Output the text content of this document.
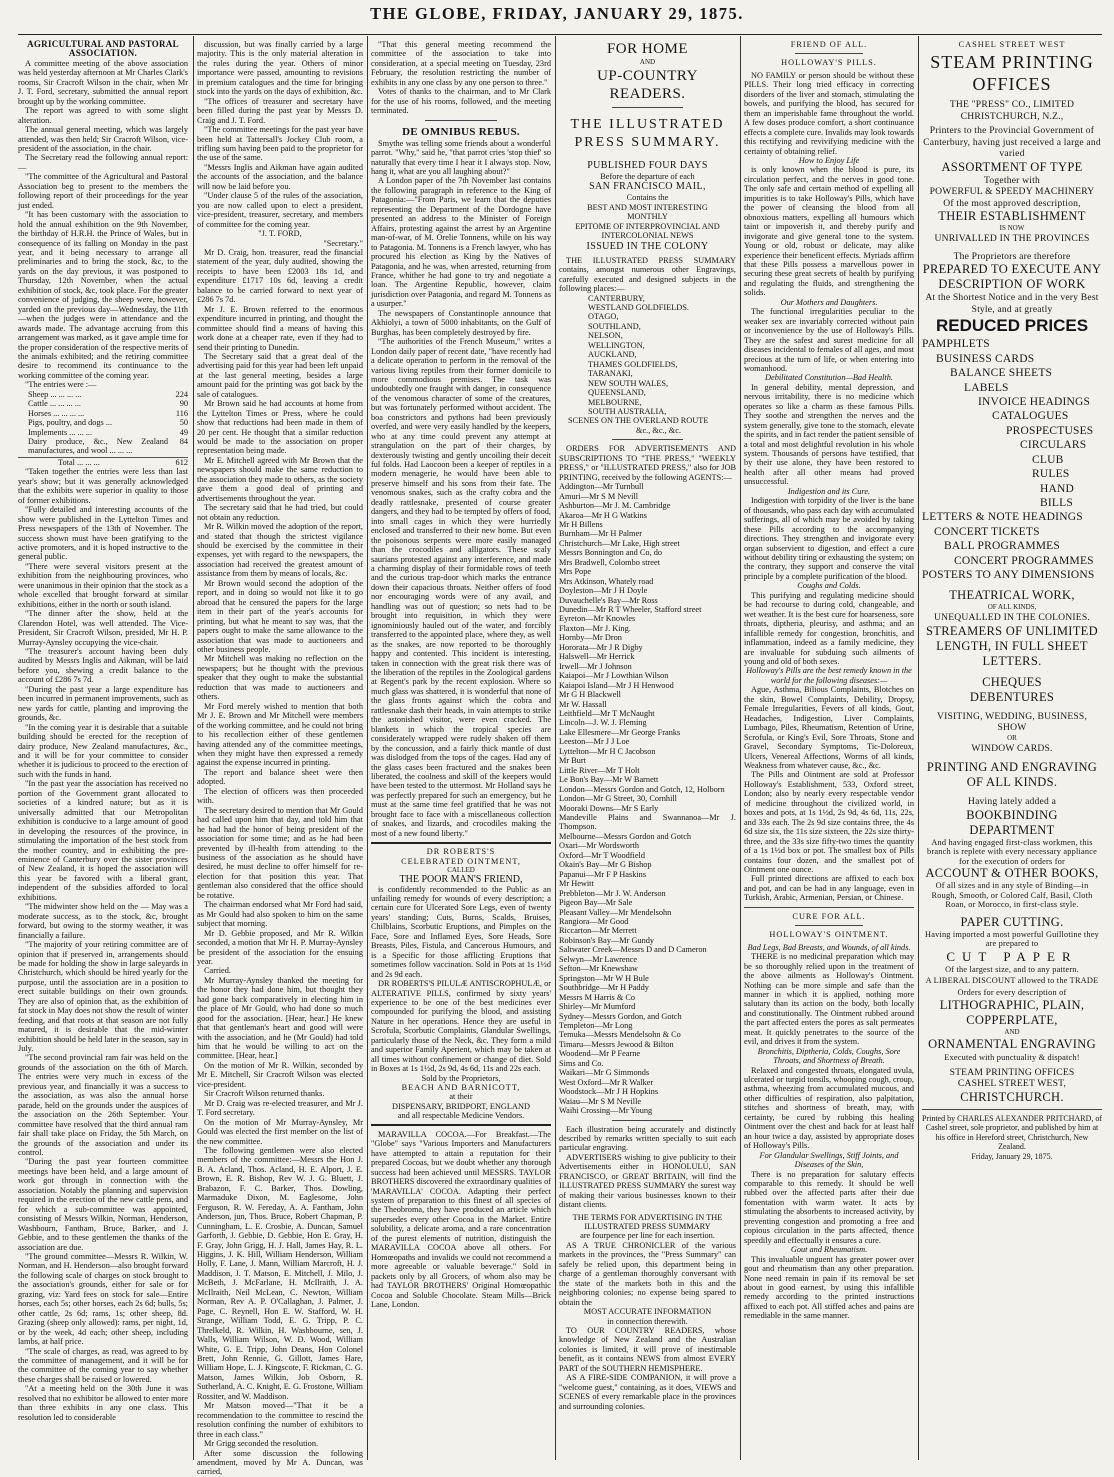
THE GLOBE, FRIDAY, JANUARY 29, 1875.

AGRICULTURAL AND PASTORAL ASSOCIATION.

A committee meeting of the above association was held yesterday afternoon at Mr Charles Clark's rooms, Sir Cracroft Wilson in the chair, when Mr J. T. Ford, secretary, submitted the annual report brought up by the working committee.

The report was agreed to with some slight alteration.

The annual general meeting, which was largely attended, was then held; Sir Cracroft Wilson, vice-president of the association, in the chair.

The Secretary read the following annual report:—

"The committee of the Agricultural and Pastoral Association beg to present to the members the following report of their proceedings for the year just ended.

"It has been customary with the association to hold the annual exhibition on the 9th November, the birthday of H.R.H. the Prince of Wales, but in consequence of its falling on Monday in the past year, and it being necessary to arrange all preliminaries and to bring the stock, &c, to the yards on the day previous, it was postponed to Thursday, 12th November, when the actual exhibition of stock, &c, took place. For the greater convenience of judging, the sheep were, however, yarded on the previous day—Wednesday, the 11th—when the judges were in attendance and the awards made. The advantage accruing from this arrangement was marked, as it gave ample time for the proper consideration of the respective merits of the animals exhibited; and the retiring committee desire to recommend its continuance to the working committee of the coming year.

"The entries were :—

Sheep ... ... ... ...	224
Cattle ... ... ... ...	90
Horses ... ... ... ...	116
Pigs, poultry, and dogs ...	50
Implements ... ... ...	49
Dairy produce, &c., New Zealand manufactures, and wool ... ... ...
84
Total ... ... ...	612

"Taken together the entries were less than last year's show; but it was generally acknowledged that the exhibits were superior in quality to those of former exhibitions.

"Fully detailed and interesting accounts of the show were published in the Lyttelton Times and Press newspapers of the 13th of November. The success shown must have been gratifying to the active promoters, and it is hoped instructive to the general public.

"There were several visitors present at the exhibition from the neighbouring provinces, who were unanimous in their opinion that the stock as a whole excelled that brought forward at similar exhibitions, either in the north or south island.

"The dinner after the show, held at the Clarendon Hotel, was well attended. The Vice-President, Sir Cracroft Wilson, presided, Mr H. P. Murray-Aynsley occupying the vice-chair.

"The treasurer's account having been duly audited by Messrs Inglis and Aikman, will be laid before you, shewing a credit balance to the account of £286 7s 7d.

"During the past year a large expenditure has been incurred in permanent improvements, such as new yards for cattle, planting and improving the grounds, &c.

"In the coming year it is desirable that a suitable building should be erected for the reception of dairy produce, New Zealand manufactures, &c., and it will be for your committee to consider whether it is judicious to proceed to the erection of such with the funds in hand.

"In the past year the association has received no portion of the Government grant allocated to societies of a kindred nature; but as it is universally admitted that our Metropolitan exhibition is conducive to a large amount of good in developing the resources of the province, in stimulating the importation of the best stock from the mother country, and in exhibiting the pre-eminence of Canterbury over the sister provinces of New Zealand, it is hoped the association will this year be favored with a liberal grant, independent of the subsidies afforded to local exhibitions.

"The midwinter show held on the — May was a moderate success, as to the stock, &c, brought forward, but owing to the stormy weather, it was financially a failure.

"The majority of your retiring committee are of opinion that if preserved in, arrangements should be made for holding the show in large saleyards in Christchurch, which should be hired yearly for the purpose, until the association are in a position to erect suitable buildings on their own grounds. They are also of opinion that, as the exhibition of fat stock in May does not show the result of winter feeding, and that roots at that season are not fully matured, it is desirable that the mid-winter exhibition should be held later in the season, say in July.

"The second provincial ram fair was held on the grounds of the association on the 6th of March. The entries were very much in excess of the previous year, and financially it was a success to the association, as was also the annual horse parade, held on the grounds under the auspices of the association on the 26th September. Your committee have resolved that the third annual ram fair shall take place on Friday, the 5th March, on the grounds of the association and under its control.

"During the past year fourteen committee meetings have been held, and a large amount of work got through in connection with the association. Notably the planning and supervision required in the erection of the new cattle pens, and for which a sub-committee was appointed, consisting of Messrs Wilkin, Norman, Henderson, Washbourn, Fantham, Bruce, Barker, and J. Gebbie, and to these gentlemen the thanks of the association are due.

"The ground committee—Messrs R. Wilkin, W. Norman, and H. Henderson—also brought forward the following scale of charges on stock brought to the association's grounds, either for sale or for grazing, viz: Yard fees on stock for sale—Entire horses, each 5s; other horses, each 2s 6d; bulls, 5s; other cattle, 2s 6d; rams, 1s; other sheep, 8d. Grazing (sheep only allowed): rams, per night, 1d, or by the week, 4d each; other sheep, including lambs, at half price.

"The scale of charges, as read, was agreed to by the committee of management, and it will be for the committee of the coming year to say whether these charges shall be raised or lowered.

"At a meeting held on the 30th June it was resolved that no exhibitor be allowed to enter more than three exhibits in any one class. This resolution led to considerable

discussion, but was finally carried by a large majority. This is the only material alteration in the rules during the year. Others of minor importance were passed, amounting to revisions in premium catalogues and the time for bringing stock into the yards on the days of exhibition, &c.

"The offices of treasurer and secretary have been filled during the past year by Messrs D. Craig and J. T. Ford.

"The committee meetings for the past year have been held at Tattersall's Jockey Club room, a trifling sum having been paid to the proprietor for the use of the same.

"Messrs Inglis and Aikman have again audited the accounts of the association, and the balance will now be laid before you.

"Under clause 5 of the rules of the association, you are now called upon to elect a president, vice-president, treasurer, secretary, and members of committee for the coming year.

"J. T. FORD,

"Secretary."

Mr D. Craig, hon. treasurer, read the financial statement of the year, duly audited, showing the receipts to have been £2003 18s 1d, and expenditure £1717 10s 6d, leaving a credit balance to be carried forward to next year of £286 7s 7d.

Mr J. E. Brown referred to the enormous expenditure incurred in printing, and thought the committee should find a means of having this work done at a cheaper rate, even if they had to send their printing to Dunedin.

The Secretary said that a great deal of the advertising paid for this year had been left unpaid at the last general meeting, besides a large amount paid for the printing was got back by the sale of catalogues.

Mr Brown said he had accounts at home from the Lyttelton Times or Press, where he could show that reductions had been made in them of 20 per cent. He thought that a similar reduction would be made to the association on proper representation being made.

Mr E. Mitchell agreed with Mr Brown that the newspapers should make the same reduction to the association they made to others, as the society gave them a good deal of printing and advertisements throughout the year.

The secretary said that he had tried, but could not obtain any reduction.

Mr R. Wilkin moved the adoption of the report, and stated that though the strictest vigilance should be exercised by the committee in their expenses, yet with regard to the newspapers, the association had received the greatest amount of assistance from them by means of locals, &c.

Mr Brown would second the adoption of the report, and in doing so would not like it to go abroad that he censured the papers for the large item in their part of the year's accounts for printing, but what he meant to say was, that the papers ought to make the same allowance to the association that was made to auctioneers and other business people.

Mr Mitchell was making no reflection on the newspapers; but he thought with the previous speaker that they ought to make the substantial reduction that was made to auctioneers and others.

Mr Ford merely wished to mention that both Mr J. E. Brown and Mr Mitchell were members of the working committee, and he could not bring to his recollection either of these gentlemen having attended any of the committee meetings, when they might have then expressed a remedy against the expense incurred in printing.

The report and balance sheet were then adopted.

The election of officers was then proceeded with.

The secretary desired to mention that Mr Gould had called upon him that day, and told him that he had had the honor of being president of the association for some time; and as he had been prevented by ill-health from attending to the business of the association as he should have desired, he must decline to offer himself for re-election for that position this year. That gentleman also considered that the office should be rotative.

The chairman endorsed what Mr Ford had said, as Mr Gould had also spoken to him on the same subject that morning.

Mr D. Gebbie proposed, and Mr R. Wilkin seconded, a motion that Mr H. P. Murray-Aynsley be president of the association for the ensuing year.

Carried.

Mr Murray-Aynsley thanked the meeting for the honor they had done him, but thought they had gone back comparatively in electing him in the place of Mr Gould, who had done so much good for the association. [Hear, hear.] He knew that that gentleman's heart and good will were with the association, and he (Mr Gould) had told him that he would be willing to act on the committee. [Hear, hear.]

On the motion of Mr R. Wilkin, seconded by Mr E. Mitchell, Sir Cracroft Wilson was elected vice-president.

Sir Cracroft Wilson returned thanks.

Mr D. Craig was re-elected treasurer, and Mr J. T. Ford secretary.

On the motion of Mr Murray-Aynsley, Mr Gould was elected the first member on the list of the new committee.

The following gentlemen were also elected members of the committee:—Messrs the Hon J. B. A. Acland, Thos. Acland, H. E. Alport, J. E. Brown, E. R. Bishop, Rev W. J. G. Bluett, J. Brabazon, F. C. Barker, Thos. Dowling, Marmaduke Dixon, M. Eaglesome, John Ferguson, R. W. Fereday, A. A. Fantham, John Anderson, jun, Thos. Bruce, Robert Chapman, P. Cunningham, L. E. Crosbie, A. Duncan, Samuel Garforth, J. Gebbie, D. Gebbie, Hon E. Gray, H. F. Gray, John Grigg, H. J. Hall, James Hay, R. L. Higgins, J. K. Hill, William Henderson, William Holly, F. Lane, J. Mann, William Marcroft, H. J. Maddison, J. T. Matson, E. Mitchell, J. Milo, J. McBeth, J. McFarlane, H. McIlraith, J. A. McIlraith, Neil McLean, C. Newton, William Norman, Rev A. P. O'Callaghan, J. Palmer, J. Page, C. Reynell, Hon E. W. Stafford, W. H. Strange, William Todd, E. G. Tripp, P. C. Threlkeld, R. Wilkin, H. Washbourne, sen, J. Walls, William Wilson, W. D. Wood, William White, G. E. Tripp, John Deans, Hon Colonel Brett, John Rennie, G. Gillott, James Hare, William Hope, L. J. Kingscote, F. Rickman, C. G. Matson, James Wilkin, Job Osborn, R. Sutherland, A. C. Knight, E. G. Frostone, William Rossiter, and W. Maddison.

Mr Matson moved—"That it be a recommendation to the committee to rescind the resolution confining the number of exhibitors to three in each class."

Mr Grigg seconded the resolution.

After some discussion the following amendment, moved by Mr A. Duncan, was carried,

"That this general meeting recommend the committee of the association to take into consideration, at a special meeting on Tuesday, 23rd February, the resolution restricting the number of exhibits in any one class by any one person to three."

Votes of thanks to the chairman, and to Mr Clark for the use of his rooms, followed, and the meeting terminated.

DE OMNIBUS REBUS.

Smythe was telling some friends about a wonderful parrot. "Why," said he, "that parrot cries 'stop thief' so naturally that every time I hear it I always stop. Now, hang it, what are you all laughing about?"

A London paper of the 7th November last contains the following paragraph in reference to the King of Patagonia:—"From Paris, we learn that the deputies representing the Department of the Dordogne have presented an address to the Minister of Foreign Affairs, protesting against the arrest by an Argentine man-of-war, of M. Orelie Tonnens, while on his way to Patagonia. M. Tonnens is a French lawyer, who has procured his election as King by the Natives of Patagonia, and he was, when arrested, returning from France, whither he had gone to try and negotiate a loan. The Argentine Republic, however, claim jurisdiction over Patagonia, and regard M. Tonnens as a usurper."

The newspapers of Constantinople announce that Akhiolyi, a town of 5000 inhabitants, on the Gulf of Burghas, has been completely destroyed by fire.

"The authorities of the French Museum," writes a London daily paper of recent date, "have recently had a delicate operation to perform in the removal of the various living reptiles from their former domicile to more commodious premises. The task was undoubtedly one fraught with danger, in consequence of the venomous character of some of the creatures, but was fortunately performed without accident. The boa constrictors and pythons had been previously overfed, and were very easily handled by the keepers, who at any time could prevent any attempt at strangulation on the part of their charges, by dexterously twisting and gently uncoiling their deceit ful folds. Had Laocoon been a keeper of reptiles in a modern menagerie, he would have been able to preserve himself and his sons from their fate. The venomous snakes, such as the crafty cobra and the deadly rattlesnake, presented of course greater dangers, and they had to be tempted by offers of food, into small cages in which they were hurriedly enclosed and transferred to their new home. But even the poisonous serpents were more easily managed than the crocodiles and alligators. These scaly saurians protested against any interference, and made a charming display of their formidable rows of teeth and the curious trap-door which marks the entrance down their capacious throats. Neither offers of food nor encouraging words were of any avail, and handling was out of question; so nets had to be brought into requisition, in which they were ignominiously hauled out of the water, and forcibly transferred to the appointed place, where they, as well as the snakes, are now reported to be thoroughly happy and contented. This incident is interesting, taken in connection with the great risk there was of the liberation of the reptiles in the Zoological gardens at Regent's park by the recent explosion. Where so much glass was shattered, it is wonderful that none of the glass fronts against which the cobra and rattlesnake dash their heads, in vain attempts to strike the astonished visitor, were even cracked. The blankets in which the tropical species are considerately wrapped were rudely shaken off them by the concussion, and a fairly thick mantle of dust was dislodged from the tops of the cages. Had any of the glass cases been fractured and the snakes been liberated, the coolness and skill of the keepers would have been tested to the uttermost. Mr Holland says he was perfectly prepared for such an emergency, but he must at the same time feel gratified that he was not brought face to face with a miscellaneous collection of snakes, and lizards, and crocodiles making the most of a new found liberty."

DR ROBERTS'S

CELEBRATED OINTMENT,

CALLED

THE POOR MAN'S FRIEND,

is confidently recommended to the Public as an unfailing remedy for wounds of every description; a certain cure for Ulcerated Sore Legs, even of twenty years' standing; Cuts, Burns, Scalds, Bruises, Chilblains, Scorbutic Eruptions, and Pimples on the Face, Sore and Inflamed Eyes, Sore Heads, Sore Breasts, Piles, Fistula, and Cancerous Humours, and is a Specific for those afflicting Eruptions that sometimes follow vaccination. Sold in Pots at 1s 1½d and 2s 9d each.

DR ROBERTS'S PILULÆ ANTISCROPHULÆ, or ALTERATIVE PILLS, confirmed by sixty years' experience to be one of the best medicines ever compounded for purifying the blood, and assisting Nature in her operations. Hence they are useful in Scrofula, Scorbutic Complaints, Glandular Swellings, particularly those of the Neck, &c. They form a mild and superior Family Aperient, which may be taken at all times without confinement or change of diet. Sold in Boxes at 1s 1½d, 2s 9d, 4s 6d, 11s and 22s each.

Sold by the Proprietors,

BEACH AND BARNICOTT,

at their

DISPENSARY, BRIDPORT, ENGLAND

and all respectable Medicine Vendors.

MARAVILLA COCOA.—For Breakfast.—The "Globe" says "Various Importers and Manufacturers have attempted to attain a reputation for their prepared Cocoas, but we doubt whether any thorough success had been achieved until MESSRS. TAYLOR BROTHERS discovered the extraordinary qualities of 'MARAVILLA' COCOA. Adapting their perfect system of preparation to this finest of all species of the Theobroma, they have produced an article which supersedes every other Cocoa in the Market. Entire solubility, a delicate aroma, and a rare concentration of the purest elements of nutrition, distinguish the MARAVILLA COCOA above all others. For Homœopaths and invalids we could not recommend a more agreeable or valuable beverage." Sold in packets only by all Grocers, of whom also may be had TAYLOR BROTHERS' Original Homœopathic Cocoa and Soluble Chocolate. Steam Mills—Brick Lane, London.

FOR HOME

AND

UP-COUNTRY READERS.

THE ILLUSTRATED

PRESS SUMMARY.

PUBLISHED FOUR DAYS

Before the departure of each

SAN FRANCISCO MAIL,

Contains the

BEST AND MOST INTERESTING

MONTHLY

EPITOME OF INTERPROVINCIAL AND

INTERCOLONIAL NEWS

ISSUED IN THE COLONY

THE ILLUSTRATED PRESS SUMMARY contains, amongst numerous other Engravings, carefully executed and designed subjects in the following places:—

CANTERBURY,

WESTLAND GOLDFIELDS.

OTAGO,

SOUTHLAND,

NELSON,

WELLINGTON,

AUCKLAND,

THAMES GOLDFIELDS,

TARANAKI,

NEW SOUTH WALES,

QUEENSLAND,

MELBOURNE,

SOUTH AUSTRALIA,

SCENES ON THE OVERLAND ROUTE

&c., &c., &c.

ORDERS FOR ADVERTISEMENTS AND SUBSCRIPTIONS TO "THE PRESS," "WEEKLY PRESS," or "ILLUSTRATED PRESS," also for JOB PRINTING, received by the following AGENTS:—

Addington—Mr Turnbull

Amuri—Mr S M Nevill

Ashburton—Mr J. M. Cambridge

Akaroa—Mr H G Watkins

Mr H Billens

Burnham—Mr H Palmer

Christchurch—Mr Lake, High street

Messrs Bonnington and Co, do

Mrs Bradwell, Colombo street

Mrs Pope

Mrs Atkinson, Whately road

Doyleston—Mr J H Doyle

Duvauchelle's Bay—Mr Ross

Dunedin—Mr R T Wheeler, Stafford street

Eyreton—Mr Knowles

Flaxton—Mr J. King.

Hornby—Mr Dron

Hororata—Mr J R Digby

Halswell—Mr Herrick

Irwell—Mr J Johnson

Kaiapoi—Mr J Lowthian Wilson

Kaiapoi Island—Mr J H Henwood

Mr G H Blackwell

Mr W. Hassall

Leithfield—Mr T McNaught

Lincoln—J. W. J. Fleming

Lake Ellesmere—Mr George Franks

Leeston—Mr J J Loe

Lyttelton—Mr H C Jacobson

Mr Burt

Little River—Mr T Holt

Le Bon's Bay—Mr W Barnett

London—Messrs Gordon and Gotch, 12, Holborn

London—Mr G Street, 30, Cornhill

Mooraki Downs—Mr S Early

Mandeville Plains and Swannanoa—Mr J. Thompson.

Melbourne—Messrs Gordon and Gotch

Oxari—Mr Wordsworth

Oxford—Mr T Woodfield

Okain's Bay—Mr G Bishop

Papanui—Mr F P Haskins

Mr Hewitt

Prebbleton—Mr J. W. Anderson

Pigeon Bay—Mr Sale

Pleasant Valley—Mr Mendelsohn

Rangiora—Mr Good

Riccarton—Mr Merrett

Robinson's Bay—Mr Gundy

Saltwater Creek—Messrs D and D Cameron

Selwyn—Mr Lawrence

Sefton—Mr Knewshaw

Springston—Mr W H Bule

Southbridge—Mr H Paddy

Messrs M Harris & Co

Shirley—Mr Mumford

Sydney—Messrs Gordon, and Gotch

Templeton—Mr Long

Temuka—Messrs Mendelsohn & Co

Timaru—Messrs Jewood & Bilton

Woodend—Mr P Fearne

Sims and Co.

Waikari—Mr G Simmonds

West Oxford—Mr R Walker

Woodstock—Mr J H Hopkins

Waiau—Mr S M Neville

Waihi Crossing—Mr Young

Each illustration being accurately and distinctly described by remarks written specially to suit each particular engraving.

ADVERTISERS wishing to give publicity to their Advertisements either in HONOLULU, SAN FRANCISCO, or GREAT BRITAIN, will find the ILLUSTRATED PRESS SUMMARY the surest way of making their various businesses known to their distant clients.

THE TERMS FOR ADVERTISING IN THE ILLUSTRATED PRESS SUMMARY

are fourpence per line for each insertion.

AS A TRUE CHRONICLER of the various markets in the provinces, the "Press Summary" can safely be relied upon, this department being in charge of a gentleman thoroughly conversant with the state of the markets both in this and the neighboring colonies; no expense being spared to obtain the

MOST ACCURATE INFORMATION

in connection therewith.

TO OUR COUNTRY READERS, whose knowledge of New Zealand and the Australian colonies is limited, it will prove of inestimable benefit, as it contains NEWS from almost EVERY PART of the SOUTHERN HEMISPHERE.

AS A FIRE-SIDE COMPANION, it will prove a "welcome guest," containing, as it does, VIEWS and SCENES of every remarkable place in the provinces and surrounding colonies.

FRIEND OF ALL.

HOLLOWAY'S PILLS.

NO FAMILY or person should be without these PILLS. Their long tried efficacy in correcting disorders of the liver and stomach, stimulating the bowels, and purifying the blood, has secured for them an imperishable fame throughout the world. A few doses produce comfort, a short continuance effects a complete cure. Invalids may look towards this rectifying and revivifying medicine with the certainty of obtaining relief.

How to Enjoy Life

is only known when the blood is pure, its circulation perfect, and the nerves in good tone. The only safe and certain method of expelling all impurities is to take Holloway's Pills, which have the power of cleansing the blood from all obnoxious matters, expelling all humours which taint or impoverish it, and thereby purify and invigorate and give general tone to the system. Young or old, robust or delicate, may alike experience their beneficent effects. Myriads affirm that these Pills possess a marvellous power in securing these great secrets of health by purifying and regulating the fluids, and strengthening the solids.

Our Mothers and Daughters.

The functional irregularities peculiar to the weaker sex are invariably corrected without pain or inconvenience by the use of Holloway's Pills. They are the safest and surest medicine for all diseases incidental to females of all ages, and most precious at the turn of life, or when entering into womanhood.

Debilitated Constitution—Bad Health.

In general debility, mental depression, and nervous irritability, there is no medicine which operates so like a charm as these famous Pills. They soothe and strengthen the nerves and the system generally, give tone to the stomach, elevate the spirits, and in fact render the patient sensible of a total and most delightful revolution in his whole system. Thousands of persons have testified, that by their use alone, they have been restored to health after all other means had proved unsuccessful.

Indigestion and its Cure.

Indigestion with torpidity of the liver is the bane of thousands, who pass each day with accumulated sufferings, all of which may be avoided by taking these Pills according to the accompanying directions. They strengthen and invigorate every organ subservient to digestion, and effect a cure without debility tiring or exhausting the system; on the contrary, they support and conserve the vital principle by a complete purification of the blood.

Coughs and Colds.

This purifying and regulating medicine should be had recourse to during cold, changeable, and wet weather. It is the best cure for hoarseness, sore throats, diptheria, pleurisy, and asthma; and an infallible remedy for congestion, bronchitis, and inflammation, indeed as a family medicine, they are invaluable for subduing such ailments of young and old of both sexes.

Holloway's Pills are the best remedy known in the world for the following diseases:—

Ague, Asthma, Bilious Complaints, Blotches on the skin, Bowel Complaints, Debility, Dropsy, Female Irregularities, Fevers of all kinds, Gout, Headaches, Indigestion, Liver Complaints, Lumbago, Piles, Rheumatism, Retention of Urine, Scrofula, or King's Evil, Sore Throats, Stone and Gravel, Secondary Symptoms, Tic-Doloreux, Ulcers, Venereal Affections, Worms of all kinds, Weakness from whatever cause, &c., &c.

The Pills and Ointment are sold at Professor Holloway's Establishment, 533, Oxford street, London; also by nearly every respectable vendor of medicine throughout the civilized world, in boxes and pots, at 1s 1½d, 2s 9d, 4s 6d, 11s, 22s, and 33s each. The 2s 9d size contains three, the 4s 6d size six, the 11s size sixteen, the 22s size thirty-three, and the 33s size fifty-two times the quantity of a 1s 1½d box or pot. The smallest box of Pills contains four dozen, and the smallest pot of Ointment one ounce.

Full printed directions are affixed to each box and pot, and can be had in any language, even in Turkish, Arabic, Armenian, Persian, or Chinese.

CURE FOR ALL.

HOLLOWAY'S OINTMENT.

Bad Legs, Bad Breasts, and Wounds, of all kinds.

THERE is no medicinal preparation which may be so thoroughly relied upon in the treatment of the above ailments as Holloway's Ointment. Nothing can be more simple and safe than the manner in which it is applied, nothing more salutary than its action on the body, both locally and constitutionally. The Ointment rubbed around the part affected enters the pores as salt permeates meat. It quickly penetrates to the source of the evil, and drives it from the system.

Bronchitis, Diptheria, Colds, Coughs, Sore Throats, and Shortness of Breath.

Relaxed and congested throats, elongated uvula, ulcerated or turgid tonsils, whooping cough, croup, asthma, wheezing from accumulated mucous, and other difficulties of respiration, also palpitation, stitches and shortness of breath, may, with certainty, be cured by rubbing this healing Ointment over the chest and back for at least half an hour twice a day, assisted by appropriate doses of Holloway's Pills.

For Glandular Swellings, Stiff Joints, and Diseases of the Skin,

There is no preparation for salutary effects comparable to this remedy. It should be well rubbed over the affected parts after their due fomentation with warm water. It acts by stimulating the absorbents to increased activity, by preventing congestion and promoting a free and copious circulation in the parts affected, thence speedily and effectually it ensures a cure.

Gout and Rheumatism.

This invaluable unguent has greater power over gout and rheumatism than any other preparation. None need remain in pain if its removal be set about in good earnest, by using this infallible remedy according to the printed instructions affixed to each pot. All stiffed aches and pains are remediable in the same manner.

CASHEL STREET WEST

STEAM PRINTING OFFICES

THE "PRESS" CO., LIMITED

CHRISTCHURCH, N.Z.,

Printers to the Provincial Government of Canterbury, having just received a large and varied

ASSORTMENT OF TYPE

Together with

POWERFUL & SPEEDY MACHINERY

Of the most approved description,

THEIR ESTABLISHMENT

IS NOW

UNRIVALLED IN THE PROVINCES

The Proprietors are therefore

PREPARED TO EXECUTE ANY

DESCRIPTION OF WORK

At the Shortest Notice and in the very Best Style, and at greatly

REDUCED PRICES

PAMPHLETS

BUSINESS CARDS

BALANCE SHEETS

LABELS

INVOICE HEADINGS

CATALOGUES

PROSPECTUSES

CIRCULARS

CLUB RULES

HAND BILLS

LETTERS & NOTE HEADINGS

CONCERT TICKETS

BALL PROGRAMMES

CONCERT PROGRAMMES

POSTERS TO ANY DIMENSIONS

THEATRICAL WORK,

OF ALL KINDS,

UNEQUALLED IN THE COLONIES.

STREAMERS OF UNLIMITED

LENGTH, IN FULL SHEET

LETTERS.

CHEQUES

DEBENTURES

VISITING, WEDDING, BUSINESS, SHOW

OR

WINDOW CARDS.

PRINTING AND ENGRAVING

OF ALL KINDS.

Having lately added a

BOOKBINDING DEPARTMENT

And having engaged first-class workmen, this branch is replete with every necessary appliance for the execution of orders for

ACCOUNT & OTHER BOOKS,

Of all sizes and in any style of Binding—in Rough, Smooth, or Colored Calf, Basil, Cloth Roan, or Morocco, in first-class style.

PAPER CUTTING.

Having imported a most powerful Guillotine they are prepared to

CUT PAPER

Of the largest size, and to any pattern.

A LIBERAL DISCOUNT allowed to the TRADE

Orders for every description of

LITHOGRAPHIC, PLAIN,

COPPERPLATE,

AND

ORNAMENTAL ENGRAVING

Executed with punctuality & dispatch!

STEAM PRINTING OFFICES

CASHEL STREET WEST,

CHRISTCHURCH.

Printed by CHARLES ALEXANDER PRITCHARD, of Cashel street, sole proprietor, and published by him at his office in Hereford street, Christchurch, New Zealand.

Friday, January 29, 1875.
